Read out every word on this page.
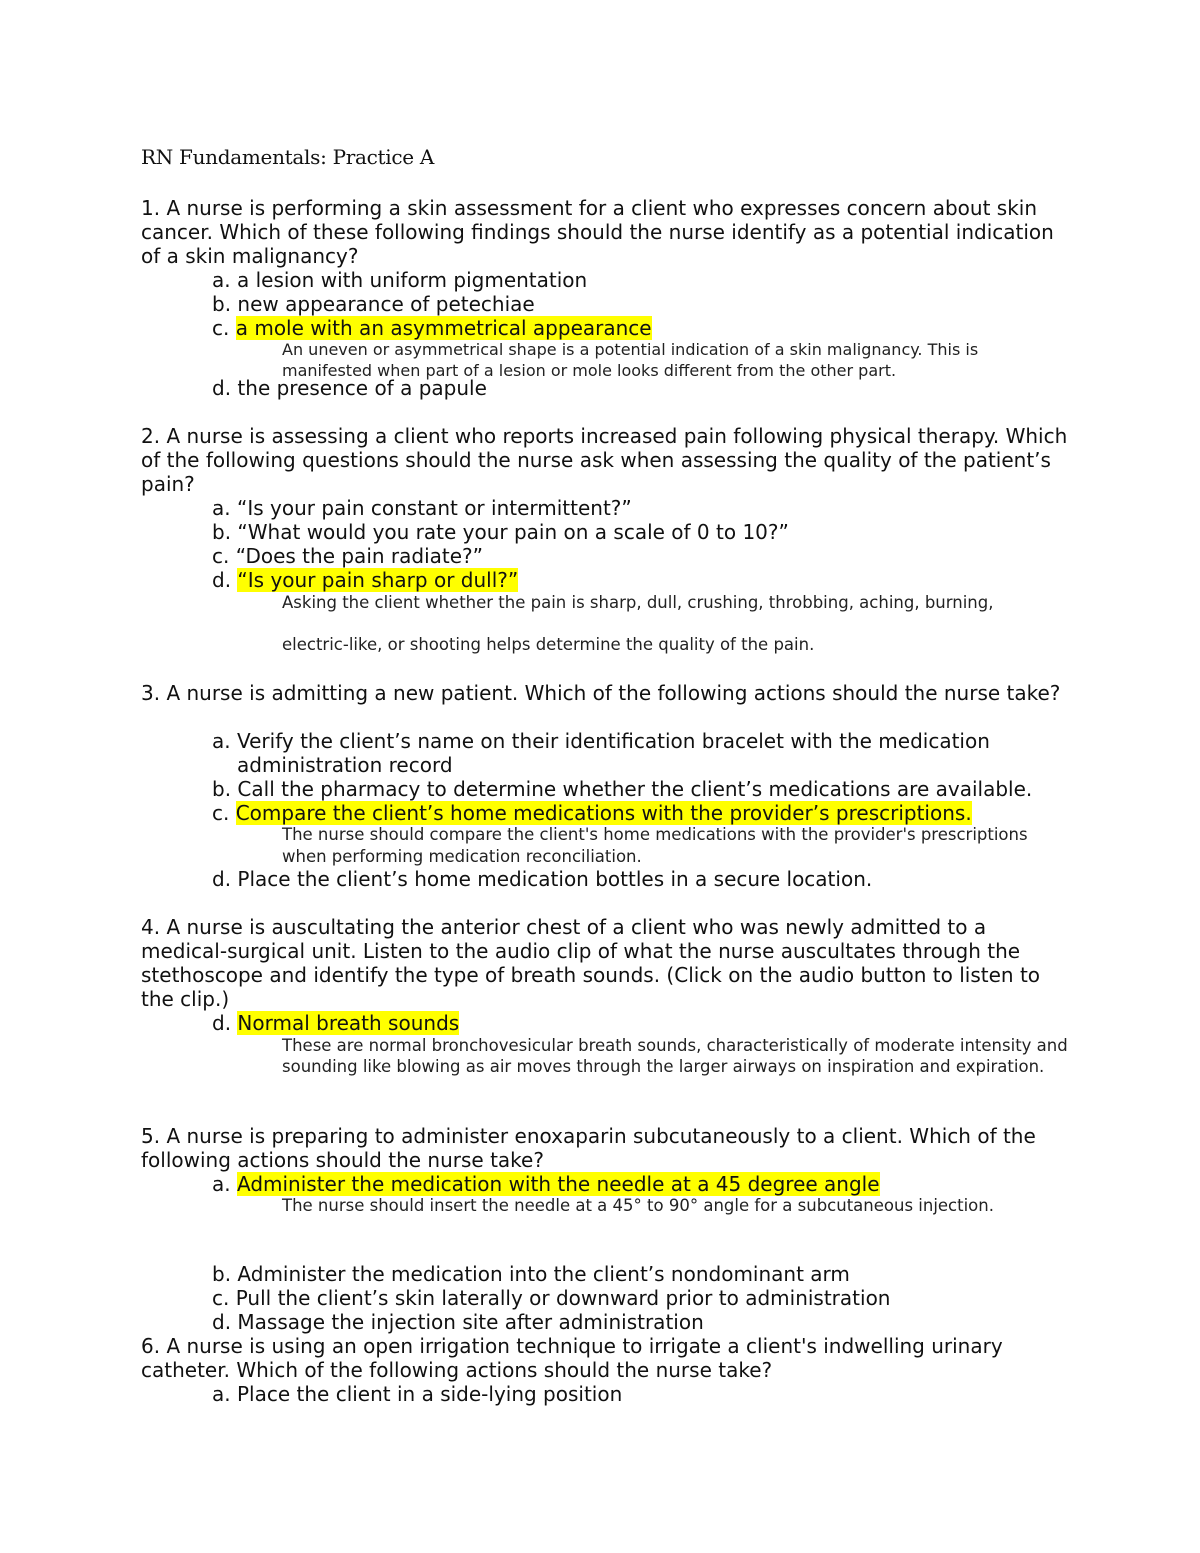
RN Fundamentals: Practice A
1. A nurse is performing a skin assessment for a client who expresses concern about skin cancer. Which of these following findings should the nurse identify as a potential indication of a skin malignancy?
a. a lesion with uniform pigmentation
b. new appearance of petechiae
c. a mole with an asymmetrical appearance
An uneven or asymmetrical shape is a potential indication of a skin malignancy. This is manifested when part of a lesion or mole looks different from the other part.
d. the presence of a papule
2. A nurse is assessing a client who reports increased pain following physical therapy. Which of the following questions should the nurse ask when assessing the quality of the patient’s pain?
a. “Is your pain constant or intermittent?”
b. “What would you rate your pain on a scale of 0 to 10?”
c. “Does the pain radiate?”
d. “Is your pain sharp or dull?”
Asking the client whether the pain is sharp, dull, crushing, throbbing, aching, burning,
electric-like, or shooting helps determine the quality of the pain.
3. A nurse is admitting a new patient. Which of the following actions should the nurse take?
a. Verify the client’s name on their identification bracelet with the medication administration record
b. Call the pharmacy to determine whether the client’s medications are available.
c. Compare the client’s home medications with the provider’s prescriptions.
The nurse should compare the client's home medications with the provider's prescriptions when performing medication reconciliation.
d. Place the client’s home medication bottles in a secure location.
4. A nurse is auscultating the anterior chest of a client who was newly admitted to a medical-surgical unit. Listen to the audio clip of what the nurse auscultates through the stethoscope and identify the type of breath sounds. (Click on the audio button to listen to the clip.)
d. Normal breath sounds
These are normal bronchovesicular breath sounds, characteristically of moderate intensity and sounding like blowing as air moves through the larger airways on inspiration and expiration.
5. A nurse is preparing to administer enoxaparin subcutaneously to a client. Which of the following actions should the nurse take?
a. Administer the medication with the needle at a 45 degree angle
The nurse should insert the needle at a 45° to 90° angle for a subcutaneous injection.
b. Administer the medication into the client’s nondominant arm
c. Pull the client’s skin laterally or downward prior to administration
d. Massage the injection site after administration
6. A nurse is using an open irrigation technique to irrigate a client's indwelling urinary catheter. Which of the following actions should the nurse take?
a. Place the client in a side-lying position
